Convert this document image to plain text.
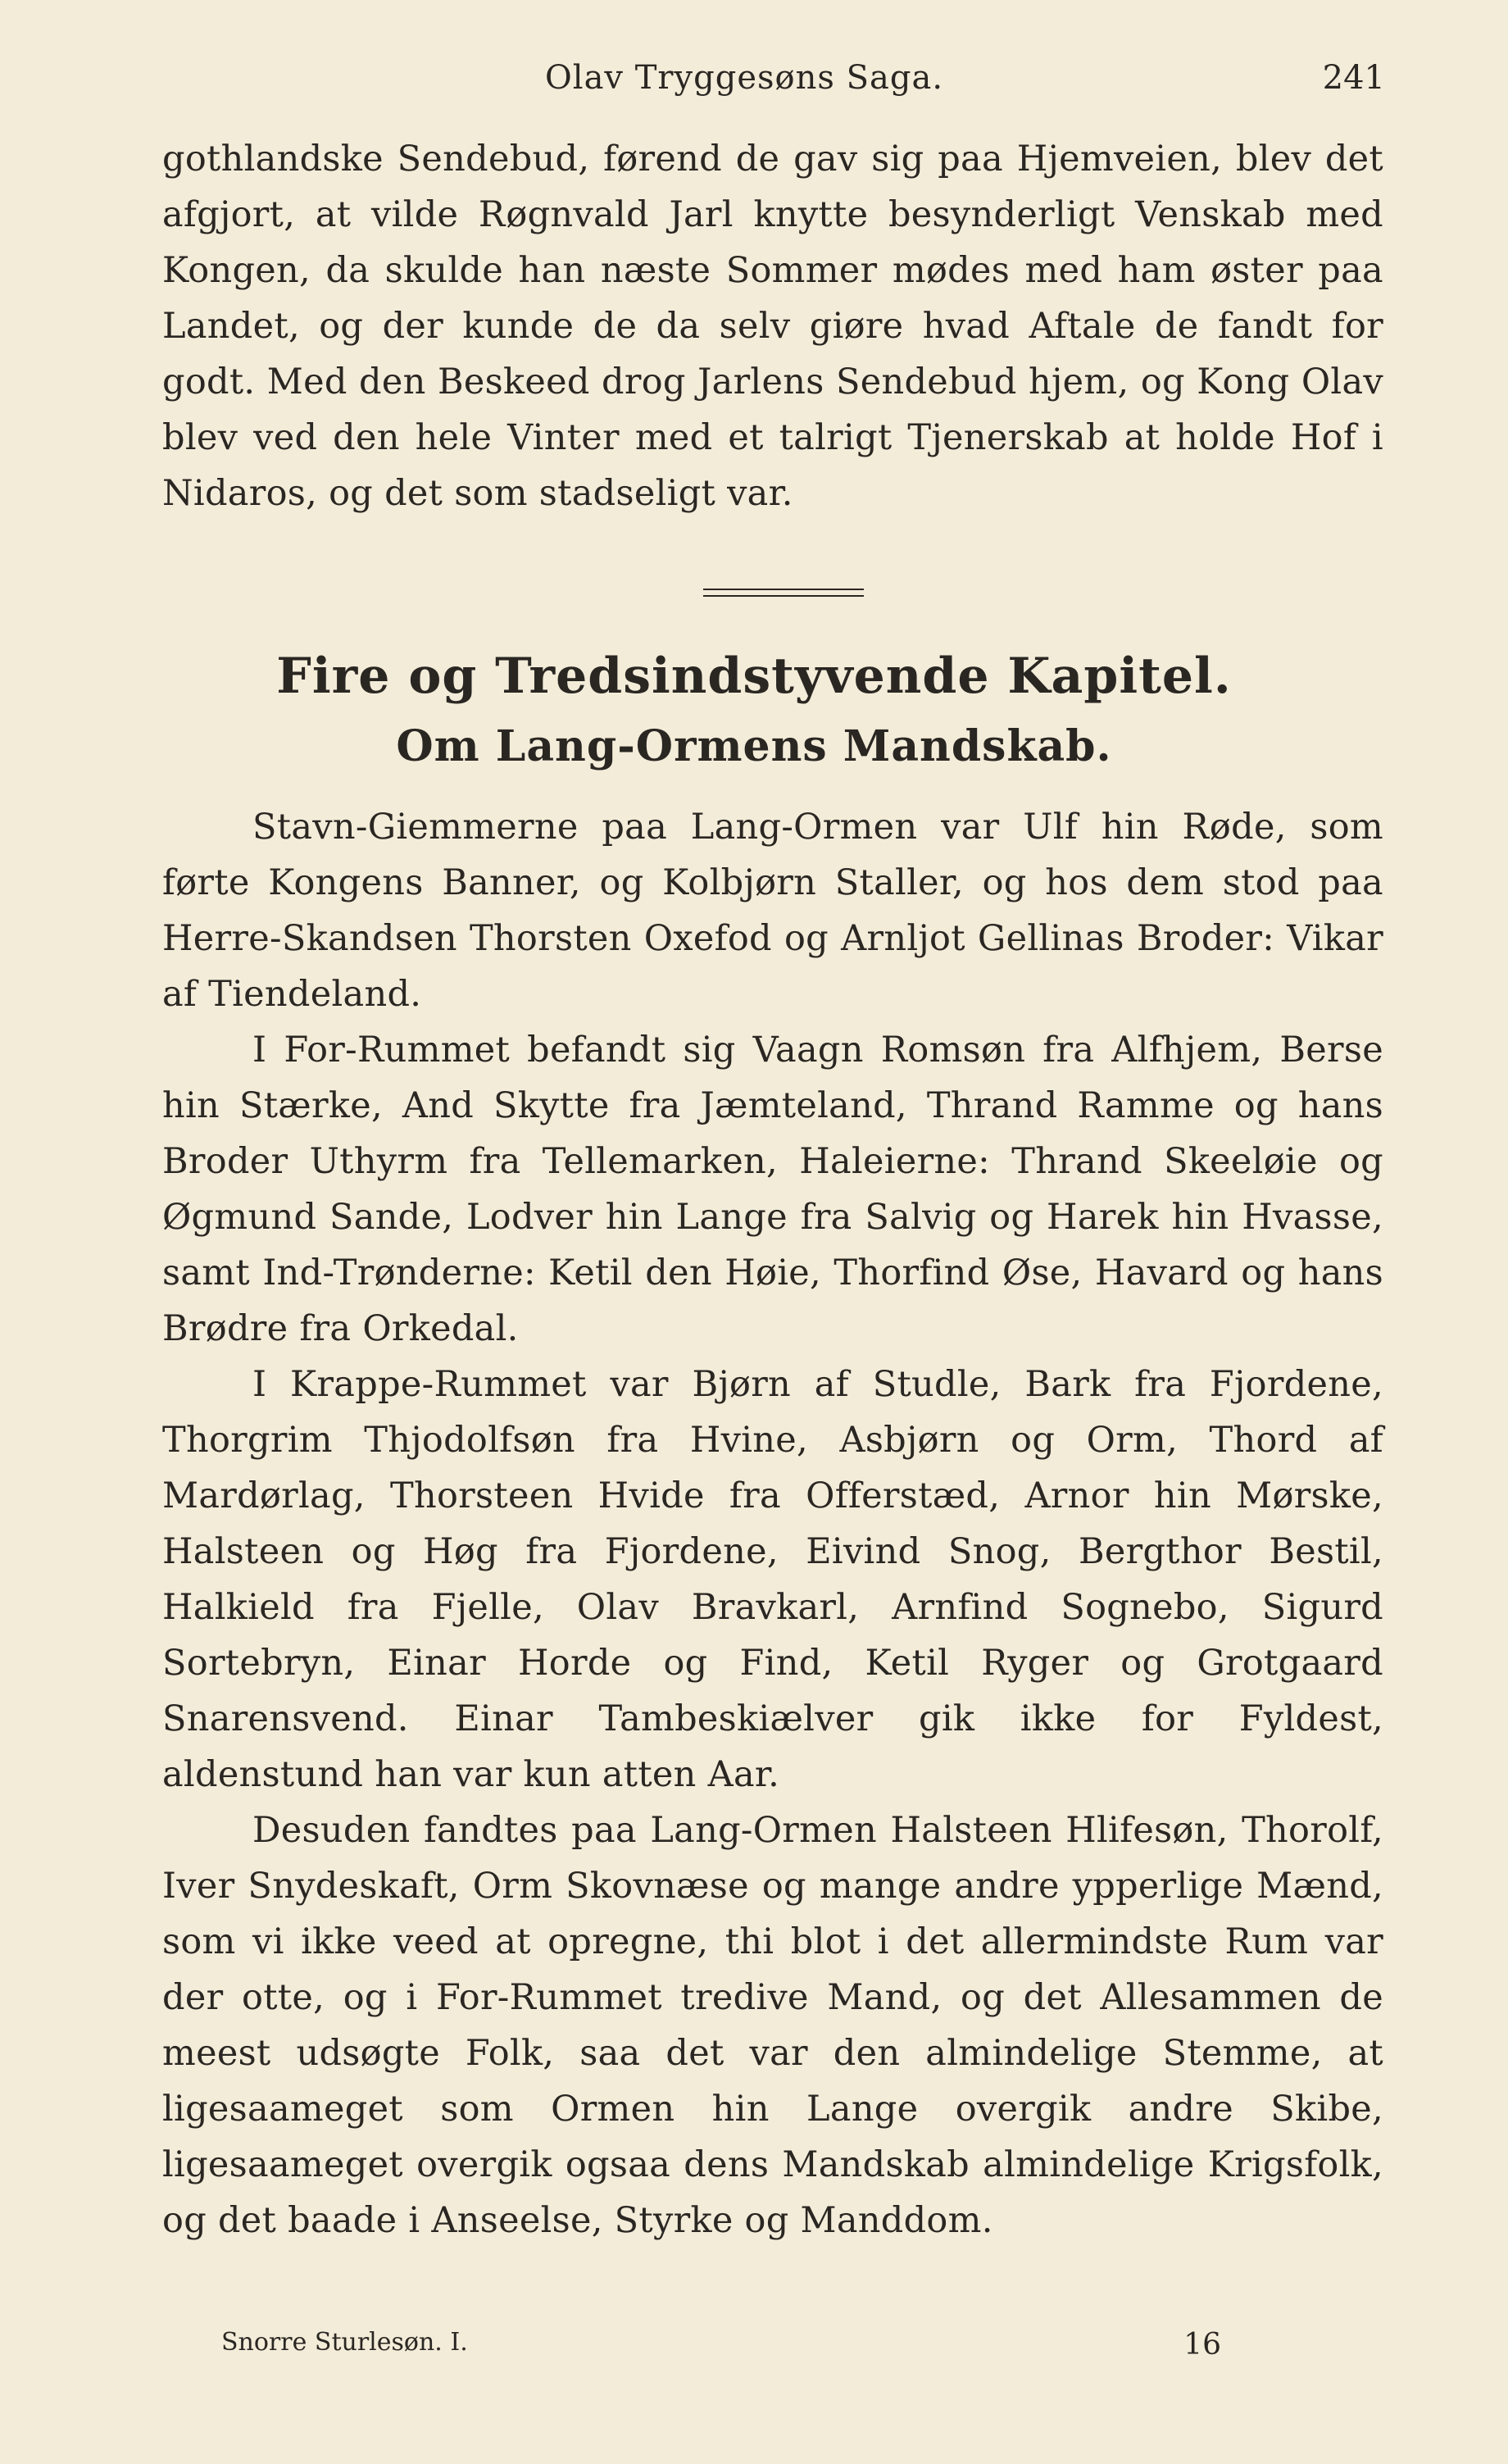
Olav Tryggesøns Saga.	241

gothlandske Sendebud, førend de gav sig paa Hjemveien, blev det afgjort, at vilde Røgnvald Jarl knytte besynderligt Venskab med Kongen, da skulde han næste Sommer mødes med ham øster paa Landet, og der kunde de da selv giøre hvad Aftale de fandt for godt. Med den Beskeed drog Jarlens Sendebud hjem, og Kong Olav blev ved den hele Vinter med et talrigt Tjenerskab at holde Hof i Nidaros, og det som stadseligt var.

Fire og Tredsindstyvende Kapitel.
Om Lang-Ormens Mandskab.

Stavn-Giemmerne paa Lang-Ormen var Ulf hin Røde, som førte Kongens Banner, og Kolbjørn Staller, og hos dem stod paa Herre-Skandsen Thorsten Oxefod og Arnljot Gellinas Broder: Vikar af Tiendeland.

I For-Rummet befandt sig Vaagn Romsøn fra Alfhjem, Berse hin Stærke, And Skytte fra Jæmteland, Thrand Ramme og hans Broder Uthyrm fra Tellemarken, Haleierne: Thrand Skeeløie og Øgmund Sande, Lodver hin Lange fra Salvig og Harek hin Hvasse, samt Ind-Trønderne: Ketil den Høie, Thorfind Øse, Havard og hans Brødre fra Orkedal.

I Krappe-Rummet var Bjørn af Studle, Bark fra Fjordene, Thorgrim Thjodolfsøn fra Hvine, Asbjørn og Orm, Thord af Mardørlag, Thorsteen Hvide fra Offerstæd, Arnor hin Mørske, Halsteen og Høg fra Fjordene, Eivind Snog, Bergthor Bestil, Halkield fra Fjelle, Olav Bravkarl, Arnfind Sognebo, Sigurd Sortebryn, Einar Horde og Find, Ketil Ryger og Grotgaard Snarensvend. Einar Tambeskiælver gik ikke for Fyldest, aldenstund han var kun atten Aar.

Desuden fandtes paa Lang-Ormen Halsteen Hlifesøn, Thorolf, Iver Snydeskaft, Orm Skovnæse og mange andre ypperlige Mænd, som vi ikke veed at opregne, thi blot i det allermindste Rum var der otte, og i For-Rummet tredive Mand, og det Allesammen de meest udsøgte Folk, saa det var den almindelige Stemme, at ligesaameget som Ormen hin Lange overgik andre Skibe, ligesaameget overgik ogsaa dens Mandskab almindelige Krigsfolk, og det baade i Anseelse, Styrke og Manddom.

Snorre Sturlesøn. I.	16
